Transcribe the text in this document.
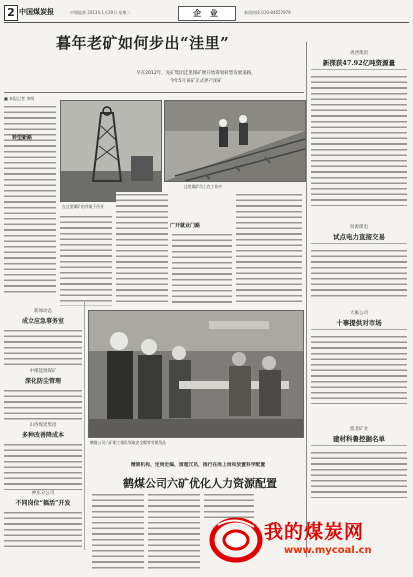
2 中国煤炭报	中煤能源 2013年1月29日 星期二	企 业	新闻热线 010-84657979
暮年老矿如何步出“洼里”
早在2012年，先矿集团洼里煤矿便开始筹划转型发展道路，
今年5月该矿正式停产闭矿
■ 本报记者 李明
转型新路
在洼里煤矿的井架下作业
洼里煤矿员工在工作中
广开就业门路
新闻动态
成立应急事务室
中煤能源煤矿
深化防尘管理
山西煤炭集团
多种改善降成本
神东分公司
不同岗位“搞活”开发
鹤煤公司六矿职工排队领取安全帽等劳保用品
精简机构、定岗定编、清理冗员，推行在岗上岗和放置科学配置
鹤煤公司六矿优化人力资源配置
鸡西集团
新探获47.92亿吨资源量
恒源煤电
试点电力直接交易
大雁公司
十事提供对市场
淮北矿业
建材科鲁挖掘名单
我的煤炭网
www.mycoal.cn
